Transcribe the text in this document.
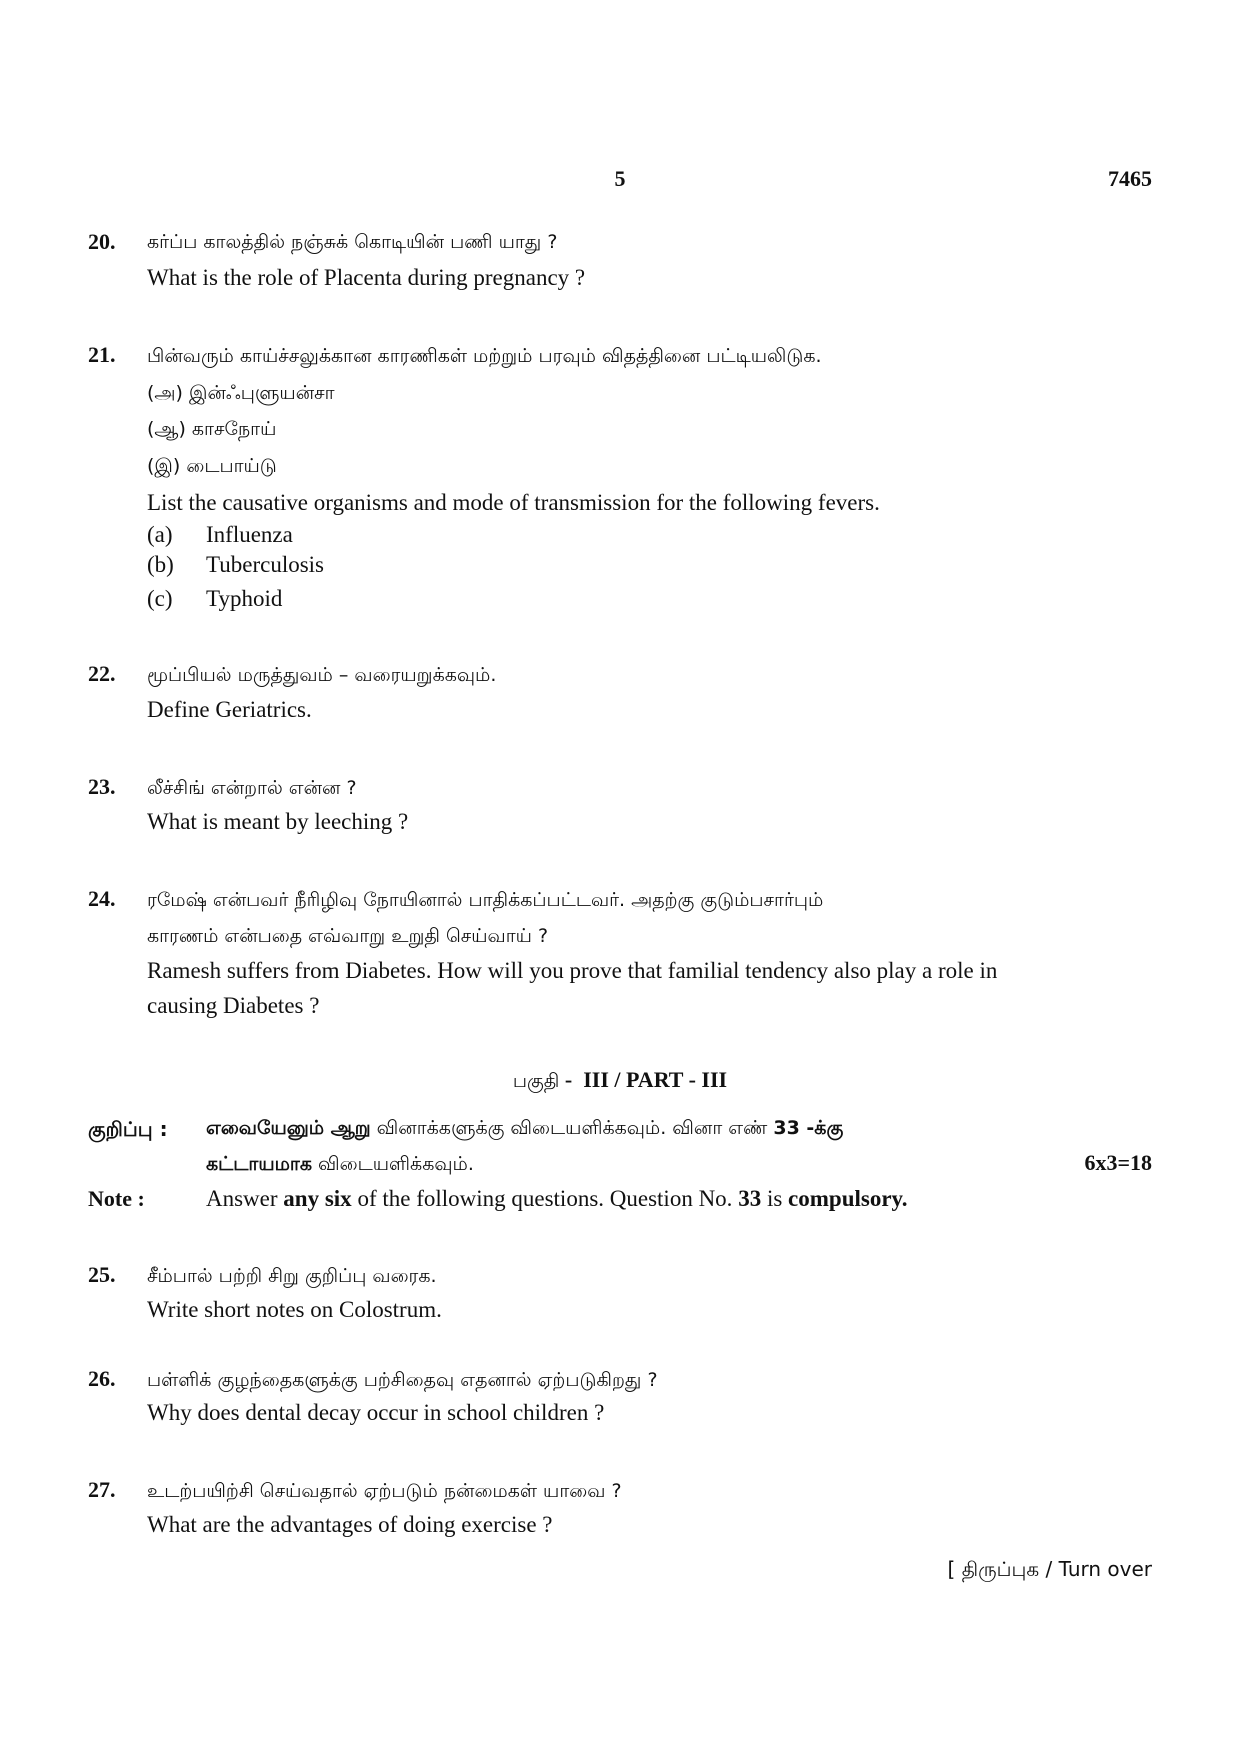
5	7465
20. கர்ப்ப காலத்தில் நஞ்சுக் கொடியின் பணி யாது ?
What is the role of Placenta during pregnancy ?
21. பின்வரும் காய்ச்சலுக்கான காரணிகள் மற்றும் பரவும் விதத்தினை பட்டியலிடுக.
(அ) இன்ஃபுளுயன்சா
(ஆ) காசநோய்
(இ) டைபாய்டு
List the causative organisms and mode of transmission for the following fevers.
(a) Influenza
(b) Tuberculosis
(c) Typhoid
22. மூப்பியல் மருத்துவம் – வரையறுக்கவும்.
Define Geriatrics.
23. லீச்சிங் என்றால் என்ன ?
What is meant by leeching ?
24. ரமேஷ் என்பவர் நீரிழிவு நோயினால் பாதிக்கப்பட்டவர். அதற்கு குடும்பசார்பும்
காரணம் என்பதை எவ்வாறு உறுதி செய்வாய் ?
Ramesh suffers from Diabetes. How will you prove that familial tendency also play a role in
causing Diabetes ?
பகுதி -  III / PART - III
குறிப்பு : எவையேனும் ஆறு வினாக்களுக்கு விடையளிக்கவும். வினா எண் 33 -க்கு
கட்டாயமாக விடையளிக்கவும்.	6x3=18
Note :	Answer any six of the following questions. Question No. 33 is compulsory.
25. சீம்பால் பற்றி சிறு குறிப்பு வரைக.
Write short notes on Colostrum.
26. பள்ளிக் குழந்தைகளுக்கு பற்சிதைவு எதனால் ஏற்படுகிறது ?
Why does dental decay occur in school children ?
27. உடற்பயிற்சி செய்வதால் ஏற்படும் நன்மைகள் யாவை ?
What are the advantages of doing exercise ?
[ திருப்புக / Turn over
